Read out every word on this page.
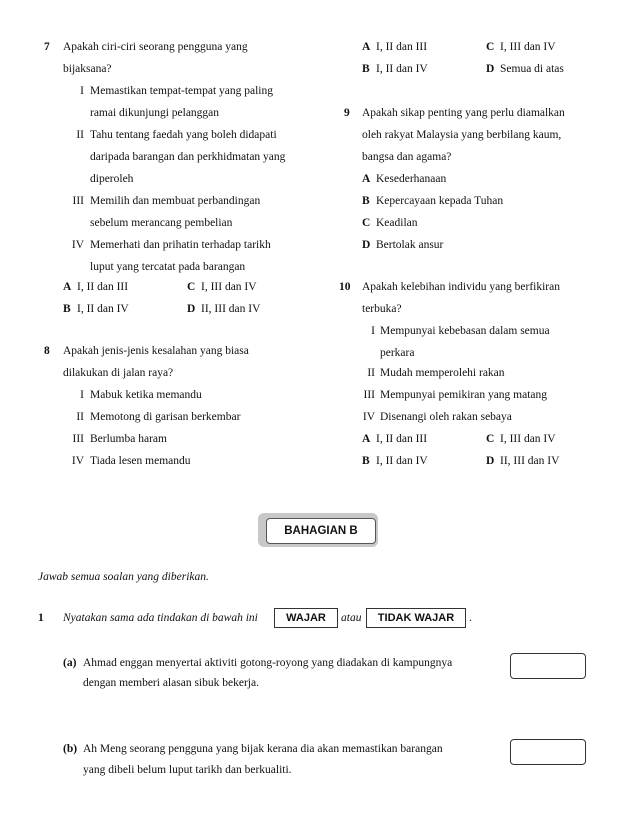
7 Apakah ciri-ciri seorang pengguna yang
bijaksana?
I Memastikan tempat-tempat yang paling
ramai dikunjungi pelanggan
II Tahu tentang faedah yang boleh didapati
daripada barangan dan perkhidmatan yang
diperoleh
III Memilih dan membuat perbandingan
sebelum merancang pembelian
IV Memerhati dan prihatin terhadap tarikh
luput yang tercatat pada barangan
A I, II dan III	C I, III dan IV
B I, II dan IV	D II, III dan IV
8 Apakah jenis-jenis kesalahan yang biasa
dilakukan di jalan raya?
I Mabuk ketika memandu
II Memotong di garisan berkembar
III Berlumba haram
IV Tiada lesen memandu
A I, II dan III	C I, III dan IV
B I, II dan IV	D Semua di atas
9 Apakah sikap penting yang perlu diamalkan
oleh rakyat Malaysia yang berbilang kaum,
bangsa dan agama?
A Kesederhanaan
B Kepercayaan kepada Tuhan
C Keadilan
D Bertolak ansur
10 Apakah kelebihan individu yang berfikiran
terbuka?
I Mempunyai kebebasan dalam semua
perkara
II Mudah memperolehi rakan
III Mempunyai pemikiran yang matang
IV Disenangi oleh rakan sebaya
A I, II dan III	C I, III dan IV
B I, II dan IV	D II, III dan IV
BAHAGIAN B
Jawab semua soalan yang diberikan.
1 Nyatakan sama ada tindakan di bawah ini	WAJAR	atau	TIDAK WAJAR	.
(a) Ahmad enggan menyertai aktiviti gotong-royong yang diadakan di kampungnya
dengan memberi alasan sibuk bekerja.
(b) Ah Meng seorang pengguna yang bijak kerana dia akan memastikan barangan
yang dibeli belum luput tarikh dan berkualiti.
